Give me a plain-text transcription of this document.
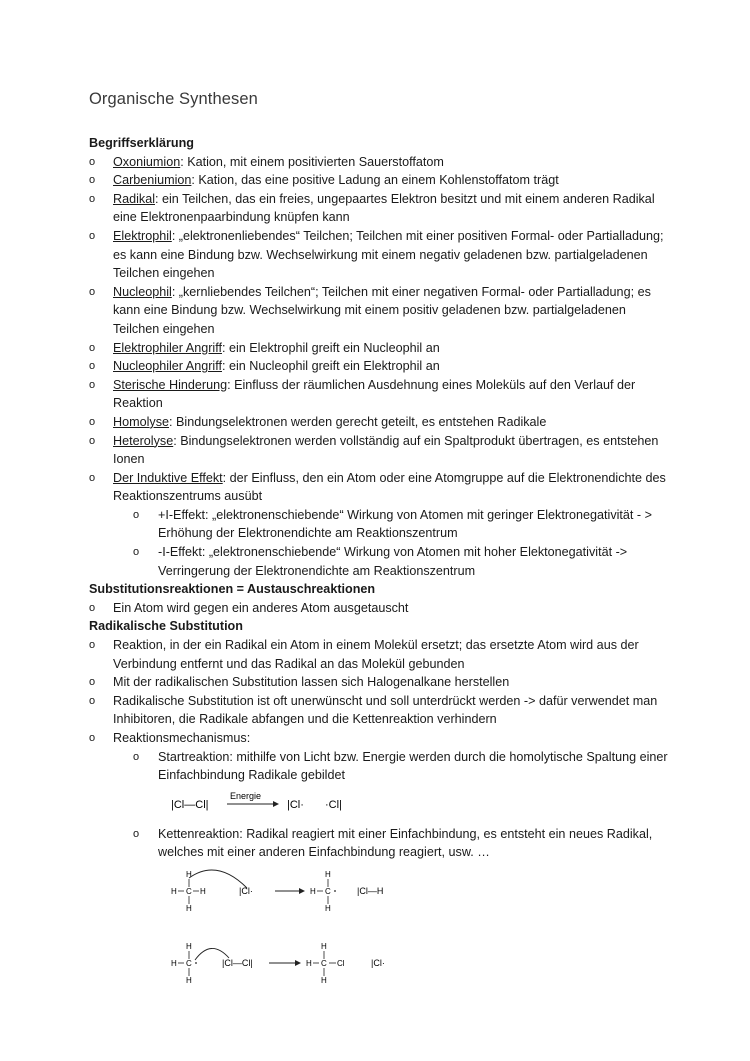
Organische Synthesen

Begriffserklärung

o Oxoniumion: Kation, mit einem positivierten Sauerstoffatom

o Carbeniumion: Kation, das eine positive Ladung an einem Kohlenstoffatom trägt

o Radikal: ein Teilchen, das ein freies, ungepaartes Elektron besitzt und mit einem anderen Radikal eine Elektronenpaarbindung knüpfen kann

o Elektrophil: „elektronenliebendes“ Teilchen; Teilchen mit einer positiven Formal- oder Partialladung; es kann eine Bindung bzw. Wechselwirkung mit einem negativ geladenen bzw. partialgeladenen Teilchen eingehen

o Nucleophil: „kernliebendes Teilchen“; Teilchen mit einer negativen Formal- oder Partialladung; es kann eine Bindung bzw. Wechselwirkung mit einem positiv geladenen bzw. partialgeladenen Teilchen eingehen

o Elektrophiler Angriff: ein Elektrophil greift ein Nucleophil an

o Nucleophiler Angriff: ein Nucleophil greift ein Elektrophil an

o Sterische Hinderung: Einfluss der räumlichen Ausdehnung eines Moleküls auf den Verlauf der Reaktion

o Homolyse: Bindungselektronen werden gerecht geteilt, es entstehen Radikale

o Heterolyse: Bindungselektronen werden vollständig auf ein Spaltprodukt übertragen, es entstehen Ionen

o Der Induktive Effekt: der Einfluss, den ein Atom oder eine Atomgruppe auf die Elektronendichte des Reaktionszentrums ausübt

o +I-Effekt: „elektronenschiebende“ Wirkung von Atomen mit geringer Elektronegativität - > Erhöhung der Elektronendichte am Reaktionszentrum

o -I-Effekt: „elektronenschiebende“ Wirkung von Atomen mit hoher Elektonegativität -> Verringerung der Elektronendichte am Reaktionszentrum

Substitutionsreaktionen = Austauschreaktionen

o Ein Atom wird gegen ein anderes Atom ausgetauscht

Radikalische Substitution

o Reaktion, in der ein Radikal ein Atom in einem Molekül ersetzt; das ersetzte Atom wird aus der Verbindung entfernt und das Radikal an das Molekül gebunden

o Mit der radikalischen Substitution lassen sich Halogenalkane herstellen

o Radikalische Substitution ist oft unerwünscht und soll unterdrückt werden -> dafür verwendet man Inhibitoren, die Radikale abfangen und die Kettenreaktion verhindern

o Reaktionsmechanismus:

o Startreaktion: mithilfe von Licht bzw. Energie werden durch die homolytische Spaltung einer Einfachbindung Radikale gebildet

|Cl—Cl|
Energie
|Cl· ·Cl|

o Kettenreaktion: Radikal reagiert mit einer Einfachbindung, es entsteht ein neues Radikal, welches mit einer anderen Einfachbindung reagiert, usw. …

H
H C H
H
|Cl·
H
H C
H
|Cl—H
H
H C
H
|Cl—Cl|
H
H C Cl
H
|Cl·
